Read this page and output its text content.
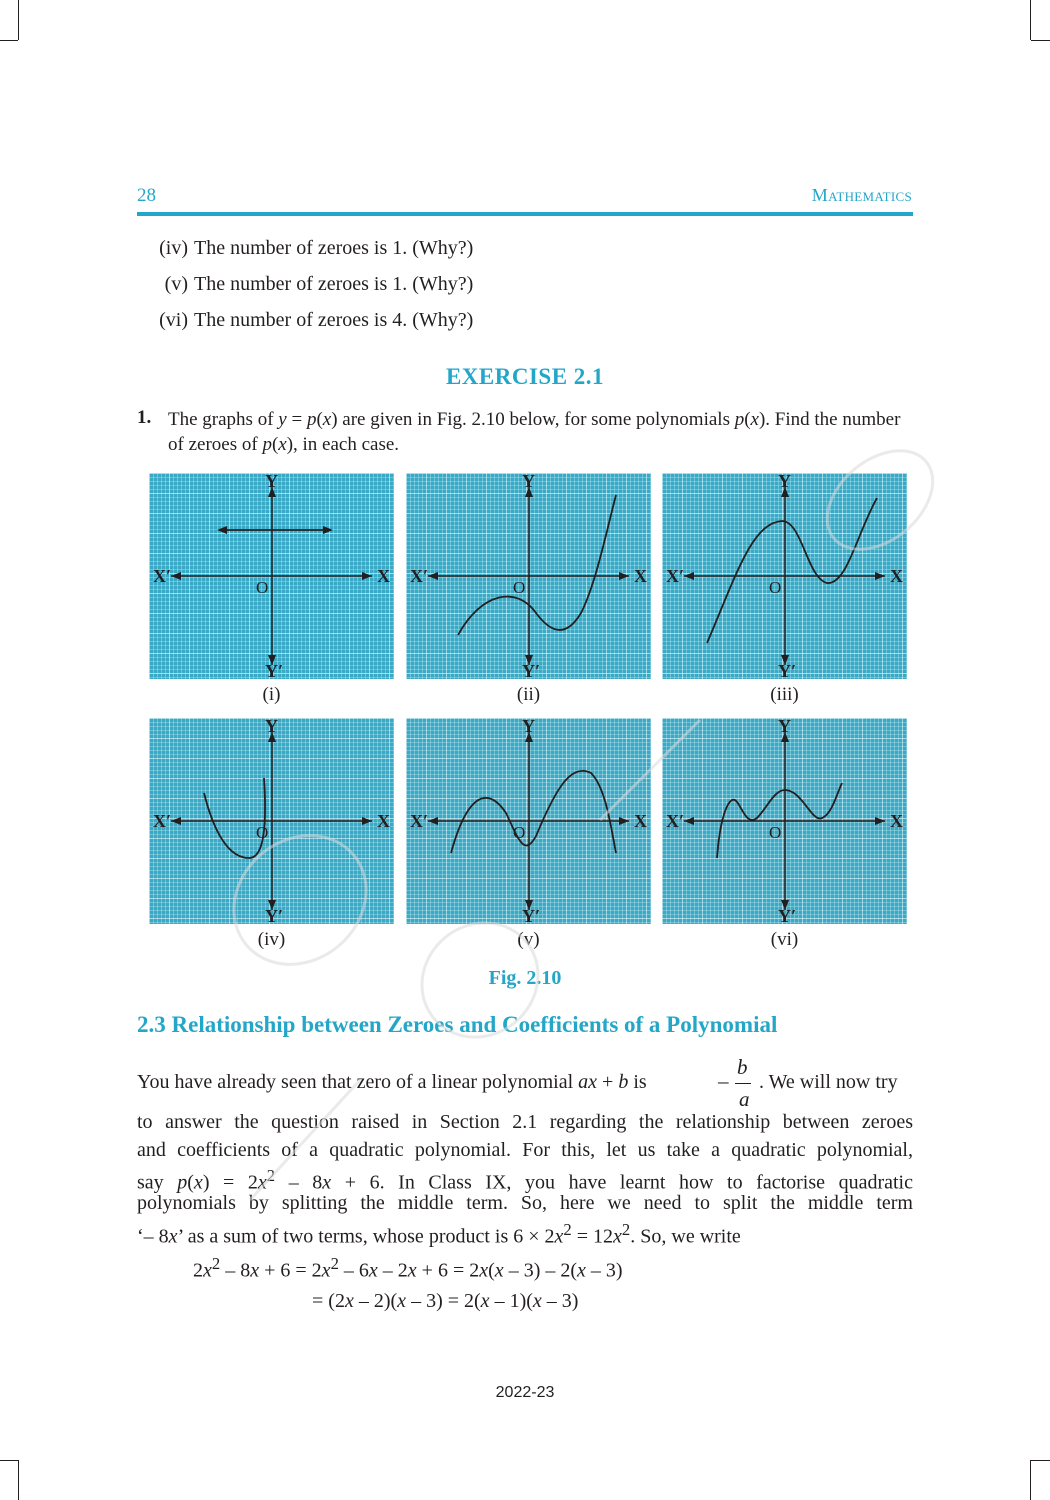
28	Mathematics
(iv) The number of zeroes is 1. (Why?)
(v) The number of zeroes is 1. (Why?)
(vi) The number of zeroes is 4. (Why?)
EXERCISE 2.1
1. The graphs of y = p(x) are given in Fig. 2.10 below, for some polynomials p(x). Find the number of zeroes of p(x), in each case.
X
X′
Y
Y′
O
(i)
X
X′
Y
Y′
O
(ii)
X
X′
Y
Y′
O
(iii)
X
X′
Y
Y′
O
(iv)
X
X′
Y
Y′
O
(v)
X
X′
Y
Y′
O
(vi)
Fig. 2.10
2.3 Relationship between Zeroes and Coefficients of a Polynomial
You have already seen that zero of a linear polynomial ax + b is	–
b
a
. We will now try
to answer the question raised in Section 2.1 regarding the relationship between zeroes
and coefficients of a quadratic polynomial. For this, let us take a quadratic polynomial,
say $p(x) = 2x^2 - 8x + 6$. In Class IX, you have learnt how to factorise quadratic
polynomials by splitting the middle term. So, here we need to split the middle term
‘– 8x’ as a sum of two terms, whose product is $6 \times 2x^2 = 12x^2$. So, we write
$2x^2 - 8x + 6 = 2x^2 - 6x - 2x + 6 = 2x(x - 3) - 2(x - 3)$
= (2x – 2)(x – 3) = 2(x – 1)(x – 3)
2022-23
